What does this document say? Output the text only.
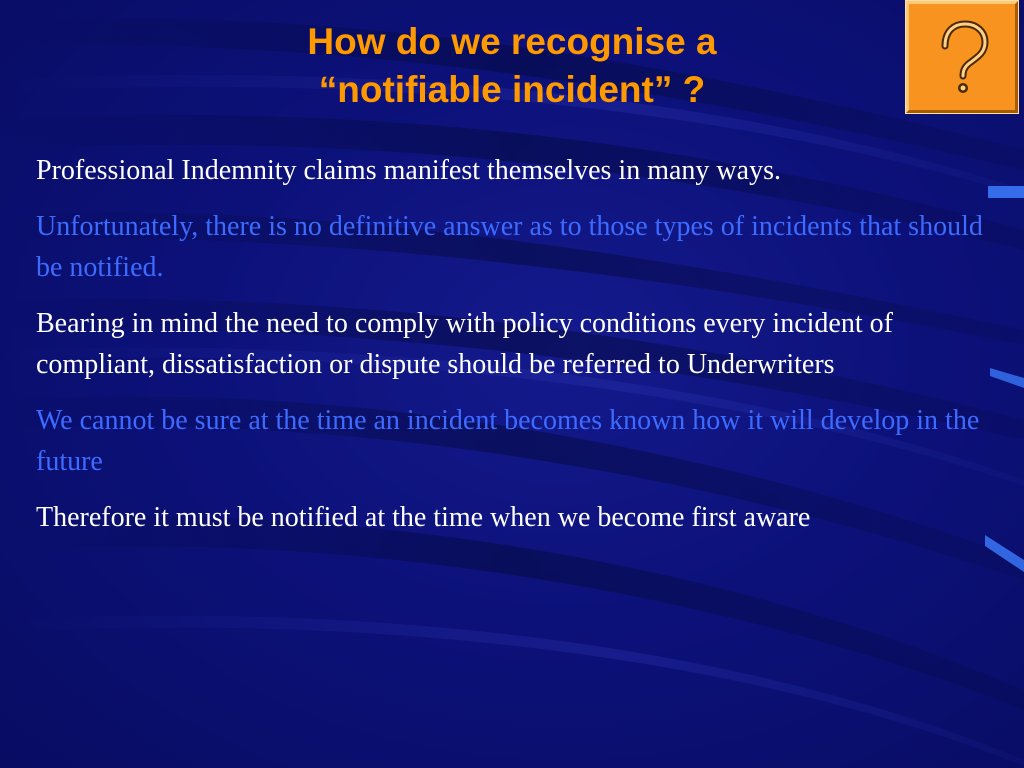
How do we recognise a
“notifiable incident” ?

Professional Indemnity claims manifest themselves in many ways.

Unfortunately, there is no definitive answer as to those types of incidents that should be notified.

Bearing in mind the need to comply with policy conditions every incident of compliant, dissatisfaction or dispute should be referred to Underwriters

We cannot be sure at the time an incident becomes known how it will develop in the future

Therefore it must be notified at the time when we become first aware
